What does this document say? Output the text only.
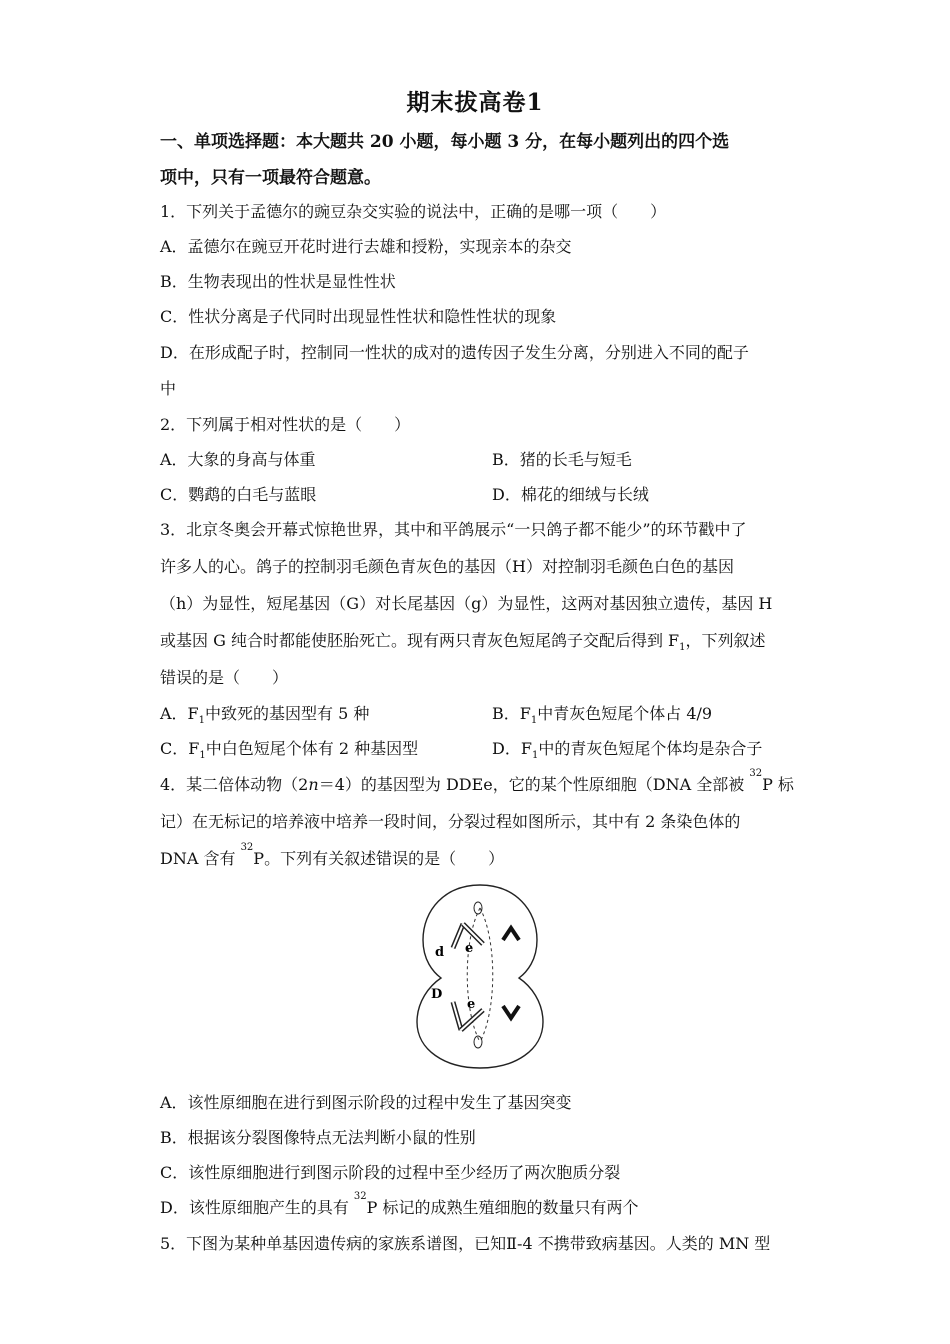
期末拔高卷1
一、单项选择题：本大题共 20 小题，每小题 3 分，在每小题列出的四个选
项中，只有一项最符合题意。
1．下列关于孟德尔的豌豆杂交实验的说法中，正确的是哪一项（　　）
A．孟德尔在豌豆开花时进行去雄和授粉，实现亲本的杂交
B．生物表现出的性状是显性性状
C．性状分离是子代同时出现显性性状和隐性性状的现象
D．在形成配子时，控制同一性状的成对的遗传因子发生分离，分别进入不同的配子
中
2．下列属于相对性状的是（　　）
A．大象的身高与体重	B．猪的长毛与短毛
C．鹦鹉的白毛与蓝眼	D．棉花的细绒与长绒
3．北京冬奥会开幕式惊艳世界，其中和平鸽展示“一只鸽子都不能少”的环节戳中了
许多人的心。鸽子的控制羽毛颜色青灰色的基因（H）对控制羽毛颜色白色的基因
（h）为显性，短尾基因（G）对长尾基因（g）为显性，这两对基因独立遗传，基因 H
或基因 G 纯合时都能使胚胎死亡。现有两只青灰色短尾鸽子交配后得到 $F_1$，下列叙述
错误的是（　　）
A．$F_1$中致死的基因型有 5 种	B．$F_1$中青灰色短尾个体占 4/9
C．$F_1$中白色短尾个体有 2 种基因型	D．$F_1$中的青灰色短尾个体均是杂合子
4．某二倍体动物（2n＝4）的基因型为 DDEe，它的某个性原细胞（DNA 全部被 $^{32}$P 标
记）在无标记的培养液中培养一段时间，分裂过程如图所示，其中有 2 条染色体的
DNA 含有 $^{32}$P。下列有关叙述错误的是（　　）
d e
D
e
A．该性原细胞在进行到图示阶段的过程中发生了基因突变
B．根据该分裂图像特点无法判断小鼠的性别
C．该性原细胞进行到图示阶段的过程中至少经历了两次胞质分裂
D．该性原细胞产生的具有 $^{32}$P 标记的成熟生殖细胞的数量只有两个
5．下图为某种单基因遗传病的家族系谱图，已知Ⅱ-4 不携带致病基因。人类的 MN 型
